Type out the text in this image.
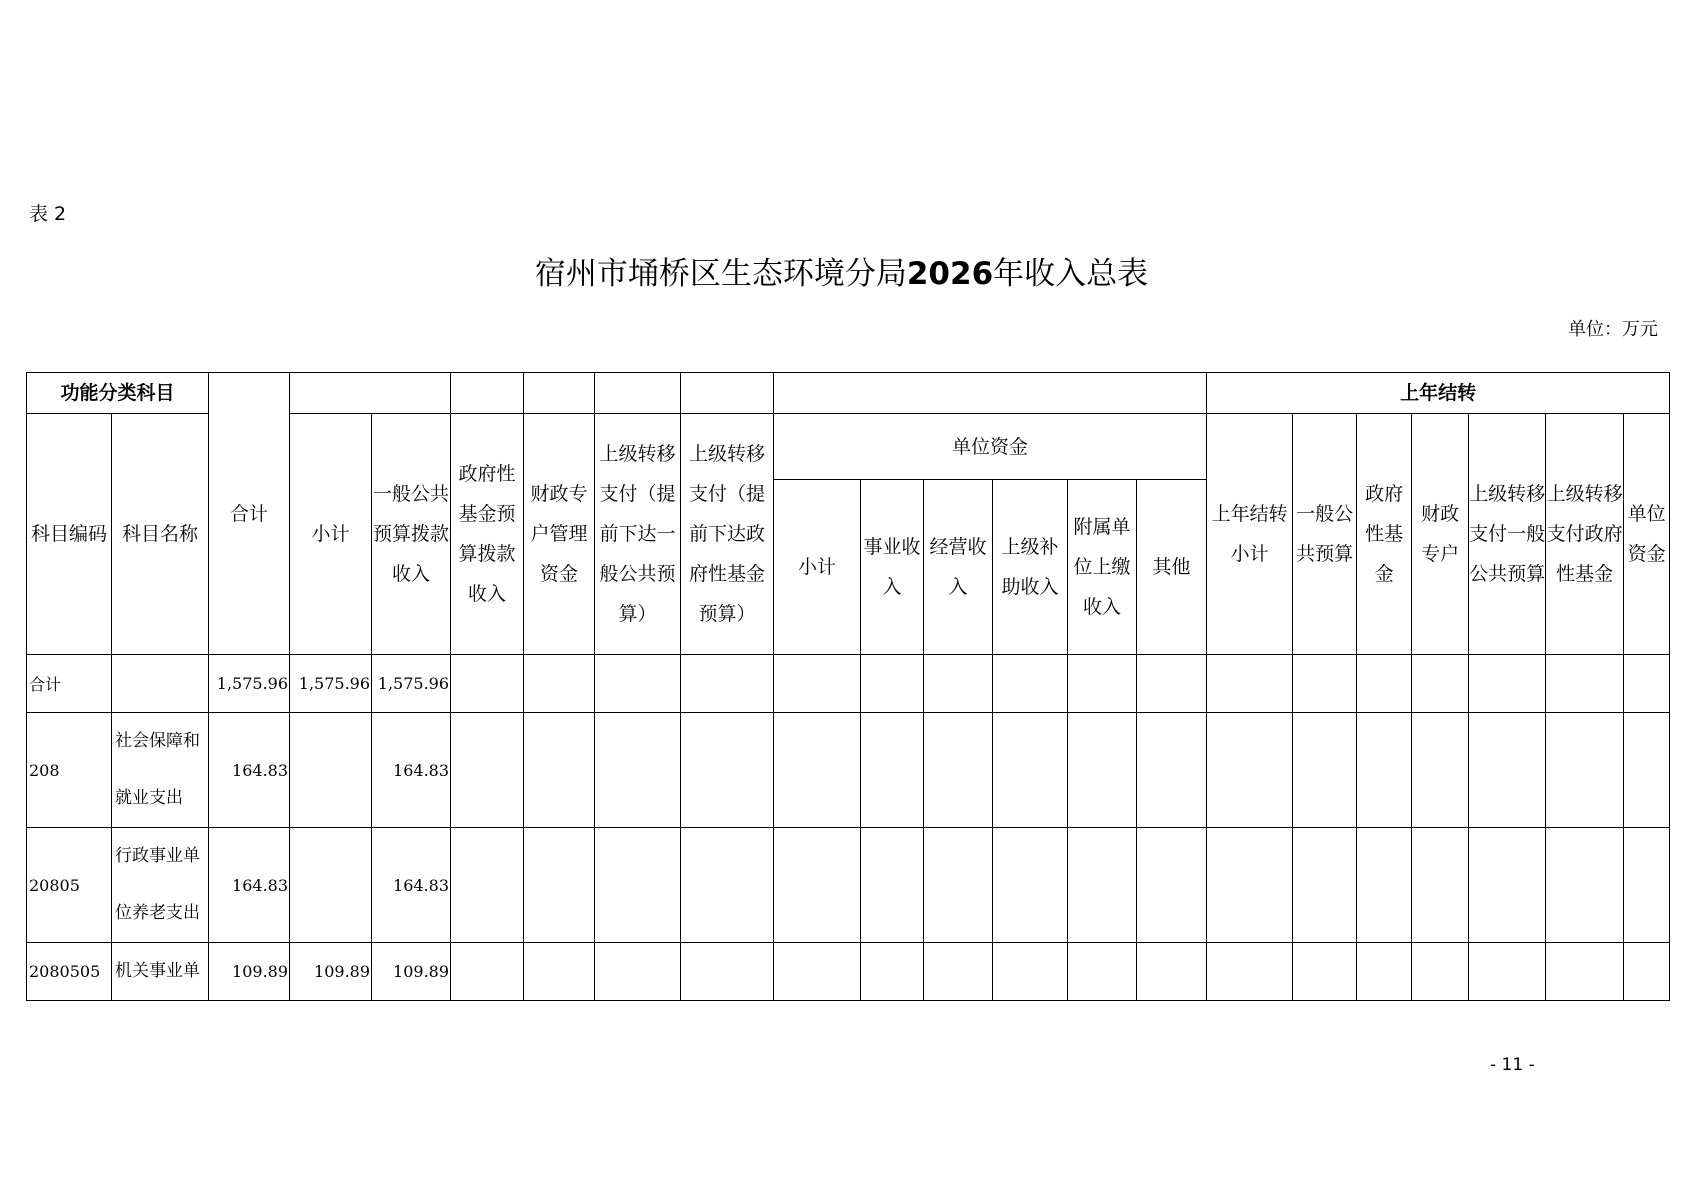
表 2
宿州市埇桥区生态环境分局2026年收入总表
单位：万元
功能分类科目		合计													上年结转						
科目编码	科目名称		小计	一般公共预算拨款收入	政府性基金预算拨款收入	财政专户管理资金	上级转移支付（提前下达一般公共预算）	上级转移支付（提前下达政府性基金预算）	单位资金						上年结转小计	一般公共预算	政府性基金	财政专户	上级转移支付一般公共预算	上级转移支付政府性基金	单位资金
									小计	事业收入	经营收入	上级补助收入	附属单位上缴收入	其他							
合计		1,575.96	1,575.96	1,575.96																	
208	社会保障和就业支出	164.83		164.83																	
20805	行政事业单位养老支出	164.83		164.83																	
2080505	机关事业单	109.89	109.89	109.89																	
- 11 -
